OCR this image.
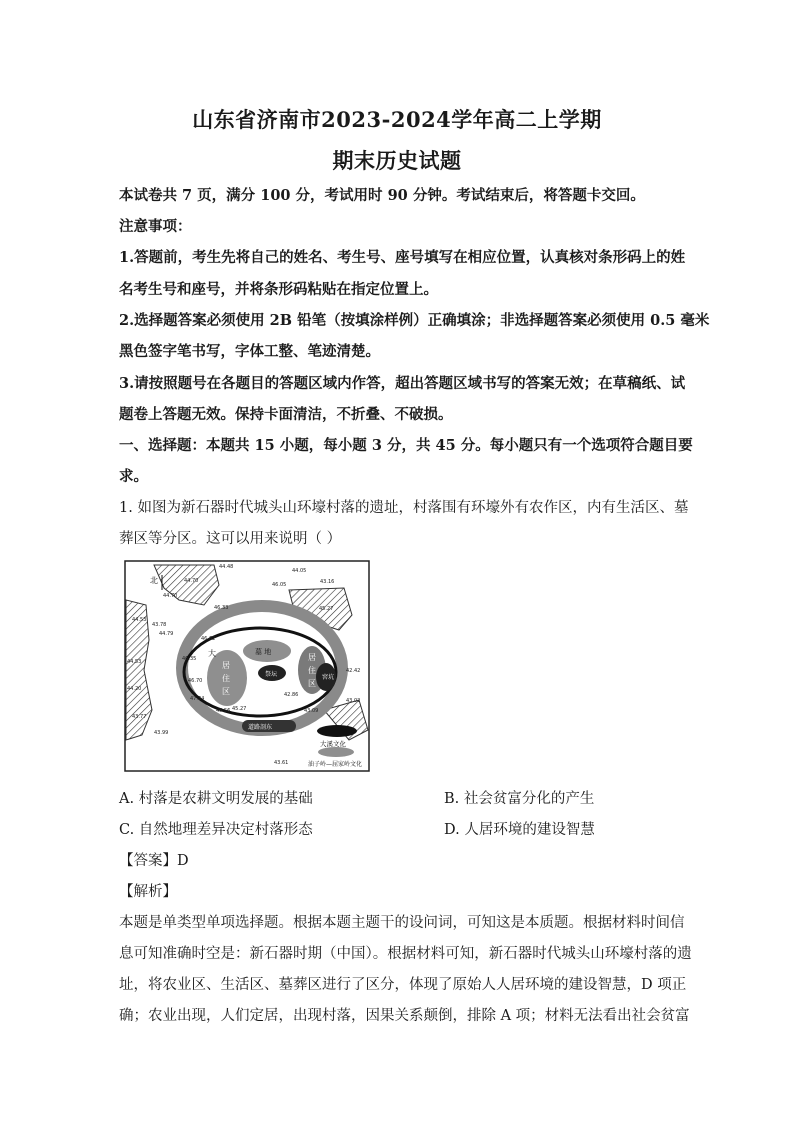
山东省济南市2023-2024学年高二上学期
期末历史试题
本试卷共 7 页，满分 100 分，考试用时 90 分钟。考试结束后，将答题卡交回。
注意事项：
1.答题前，考生先将自己的姓名、考生号、座号填写在相应位置，认真核对条形码上的姓
名考生号和座号，并将条形码粘贴在指定位置上。
2.选择题答案必须使用 2B 铅笔（按填涂样例）正确填涂；非选择题答案必须使用 0.5 毫米
黑色签字笔书写，字体工整、笔迹清楚。
3.请按照题号在各题目的答题区域内作答，超出答题区域书写的答案无效；在草稿纸、试
题卷上答题无效。保持卡面清洁，不折叠、不破损。
一、选择题：本题共 15 小题，每小题 3 分，共 45 分。每小题只有一个选项符合题目要
求。
1. 如图为新石器时代城头山环壕村落的遗址，村落围有环壕外有农作区，内有生活区、墓
葬区等分区。这可以用来说明（ ）
北
居
住
区
墓 地
居
住
区
大
祭坛	窖坑
道路剖东
大溪文化
油子岭—屈家岭文化
44.48
44.05
46.05
44.70	43.16
44.70
46.33
44.53
46.62
45.27
46.35
43.78
46.70
44.79
47.34
43.77
44.53
44.20
42.42
43.02
43.99
45.27	43.09
43.61
42.86
45.56
A. 村落是农耕文明发展的基础	B. 社会贫富分化的产生
C. 自然地理差异决定村落形态	D. 人居环境的建设智慧
【答案】D
【解析】
本题是单类型单项选择题。根据本题主题干的设问词，可知这是本质题。根据材料时间信
息可知准确时空是：新石器时期（中国）。根据材料可知，新石器时代城头山环壕村落的遗
址，将农业区、生活区、墓葬区进行了区分，体现了原始人人居环境的建设智慧，D 项正
确；农业出现，人们定居，出现村落，因果关系颠倒，排除 A 项；材料无法看出社会贫富
